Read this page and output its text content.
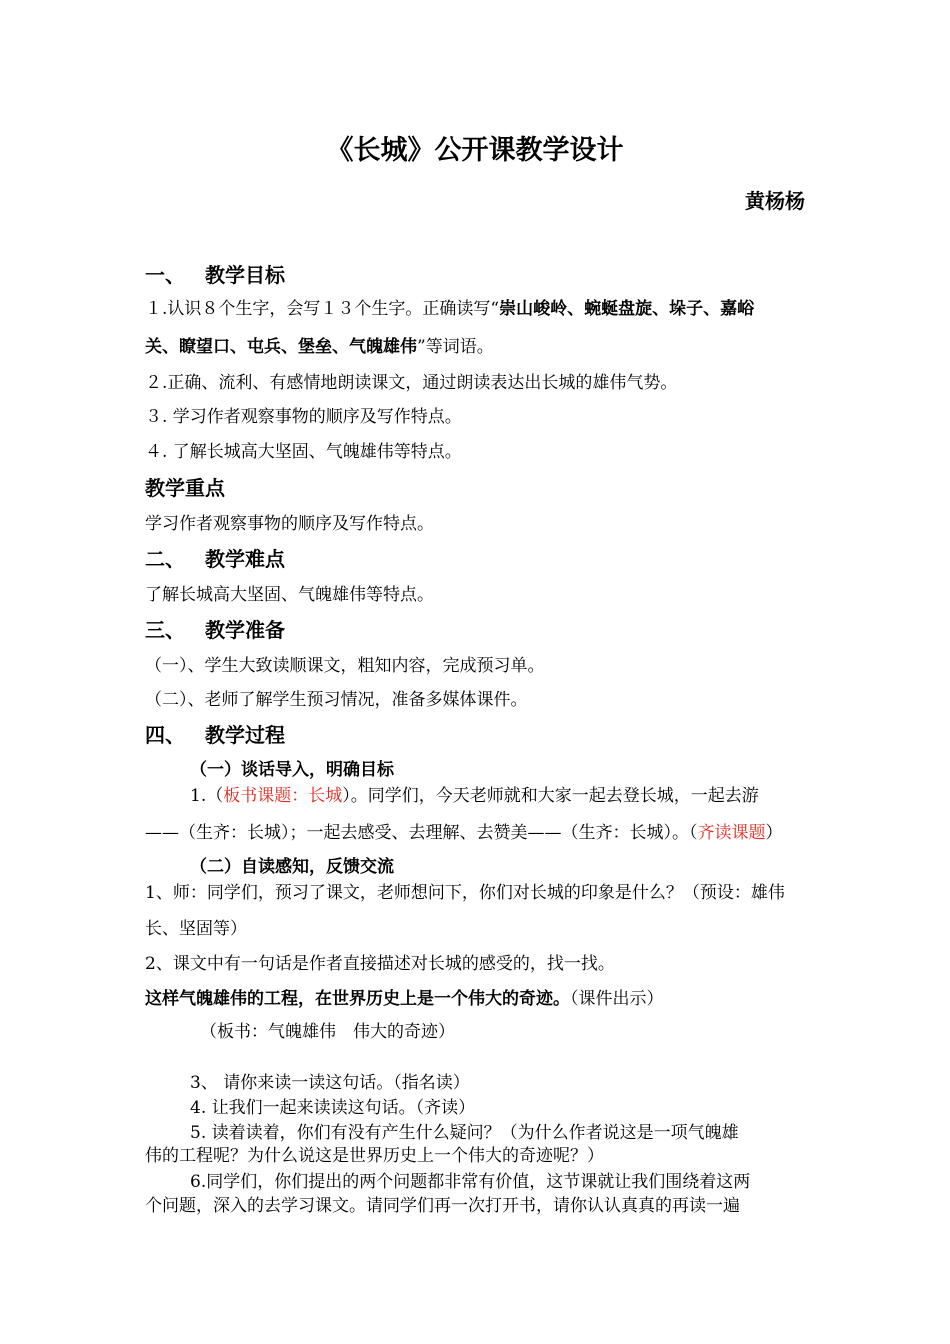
《长城》公开课教学设计
黄杨杨
一、 教学目标
１.认识８个生字，会写１３个生字。正确读写“崇山峻岭、蜿蜒盘旋、垛子、嘉峪
关、瞭望口、屯兵、堡垒、气魄雄伟”等词语。
２.正确、流利、有感情地朗读课文，通过朗读表达出长城的雄伟气势。
３. 学习作者观察事物的顺序及写作特点。
４. 了解长城高大坚固、气魄雄伟等特点。
教学重点
学习作者观察事物的顺序及写作特点。
二、 教学难点
了解长城高大坚固、气魄雄伟等特点。
三、 教学准备
（一）、学生大致读顺课文，粗知内容，完成预习单。
（二）、老师了解学生预习情况，准备多媒体课件。
四、 教学过程
（一）谈话导入，明确目标
1.（板书课题：长城）。同学们，今天老师就和大家一起去登长城，一起去游
——（生齐：长城）；一起去感受、去理解、去赞美——（生齐：长城）。（齐读课题）
（二）自读感知，反馈交流
1、师：同学们，预习了课文，老师想问下，你们对长城的印象是什么？（预设：雄伟
长、坚固等）
2、课文中有一句话是作者直接描述对长城的感受的，找一找。
这样气魄雄伟的工程，在世界历史上是一个伟大的奇迹。（课件出示）
（板书：气魄雄伟　伟大的奇迹）
3、 请你来读一读这句话。（指名读）
4. 让我们一起来读读这句话。（齐读）
5. 读着读着，你们有没有产生什么疑问？（为什么作者说这是一项气魄雄
伟的工程呢？为什么说这是世界历史上一个伟大的奇迹呢？）
6.同学们，你们提出的两个问题都非常有价值，这节课就让我们围绕着这两
个问题，深入的去学习课文。请同学们再一次打开书，请你认认真真的再读一遍
